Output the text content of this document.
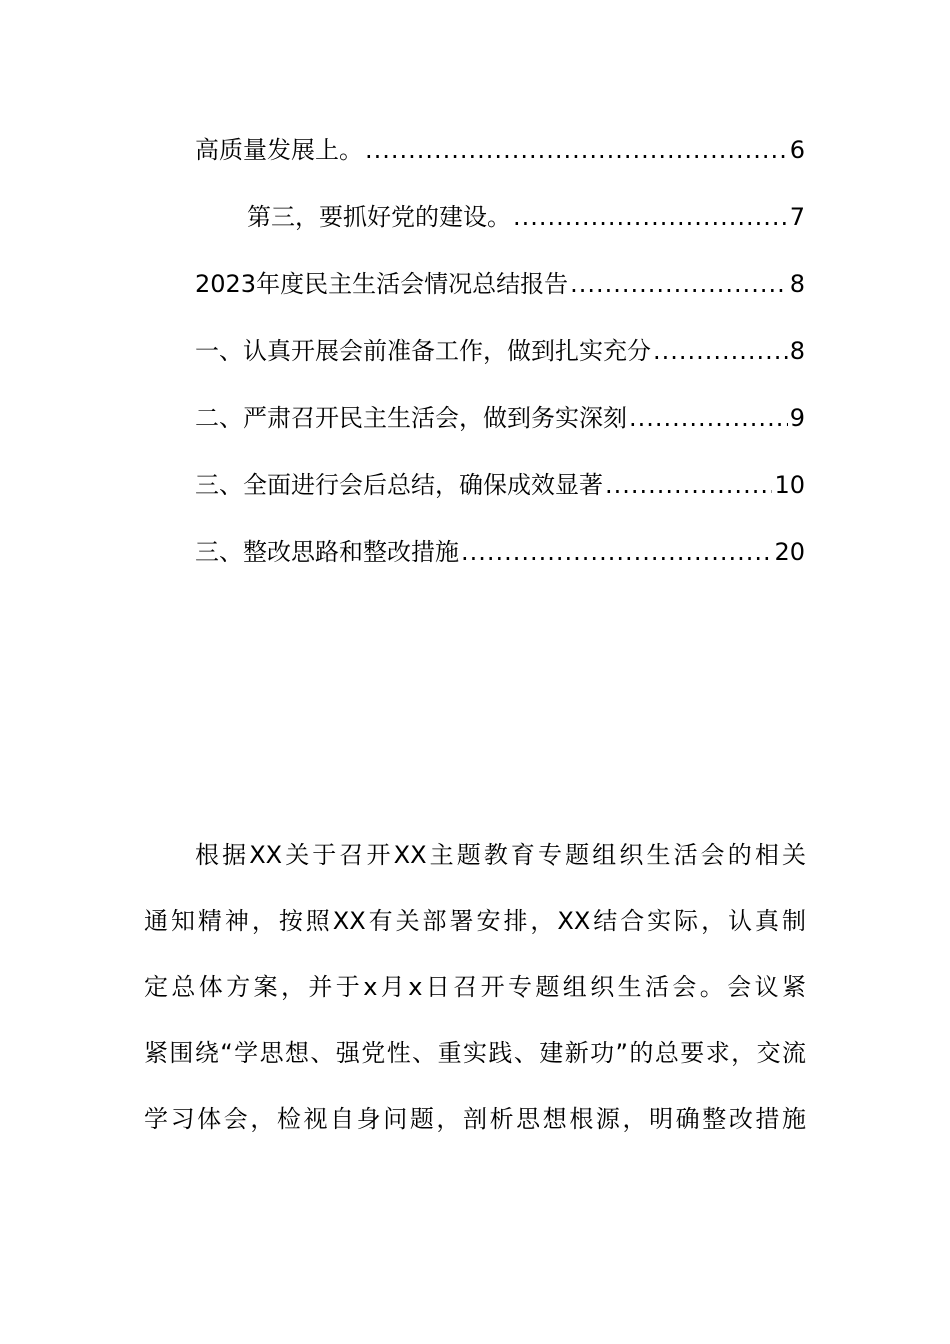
高质量发展上。 .....	6
第三，要抓好党的建设。 .....	7
2023年度民主生活会情况总结报告 .....	8
一、认真开展会前准备工作，做到扎实充分 .....	8
二、严肃召开民主生活会，做到务实深刻 .....	9
三、全面进行会后总结，确保成效显著 .....	10
三、整改思路和整改措施 .....	20
根据XX关于召开XX主题教育专题组织生活会的相关
通知精神，按照XX有关部署安排，XX结合实际，认真制
定总体方案，并于x月x日召开专题组织生活会。会议紧
紧围绕“学思想、强党性、重实践、建新功”的总要求，交流
学习体会，检视自身问题，剖析思想根源，明确整改措施
